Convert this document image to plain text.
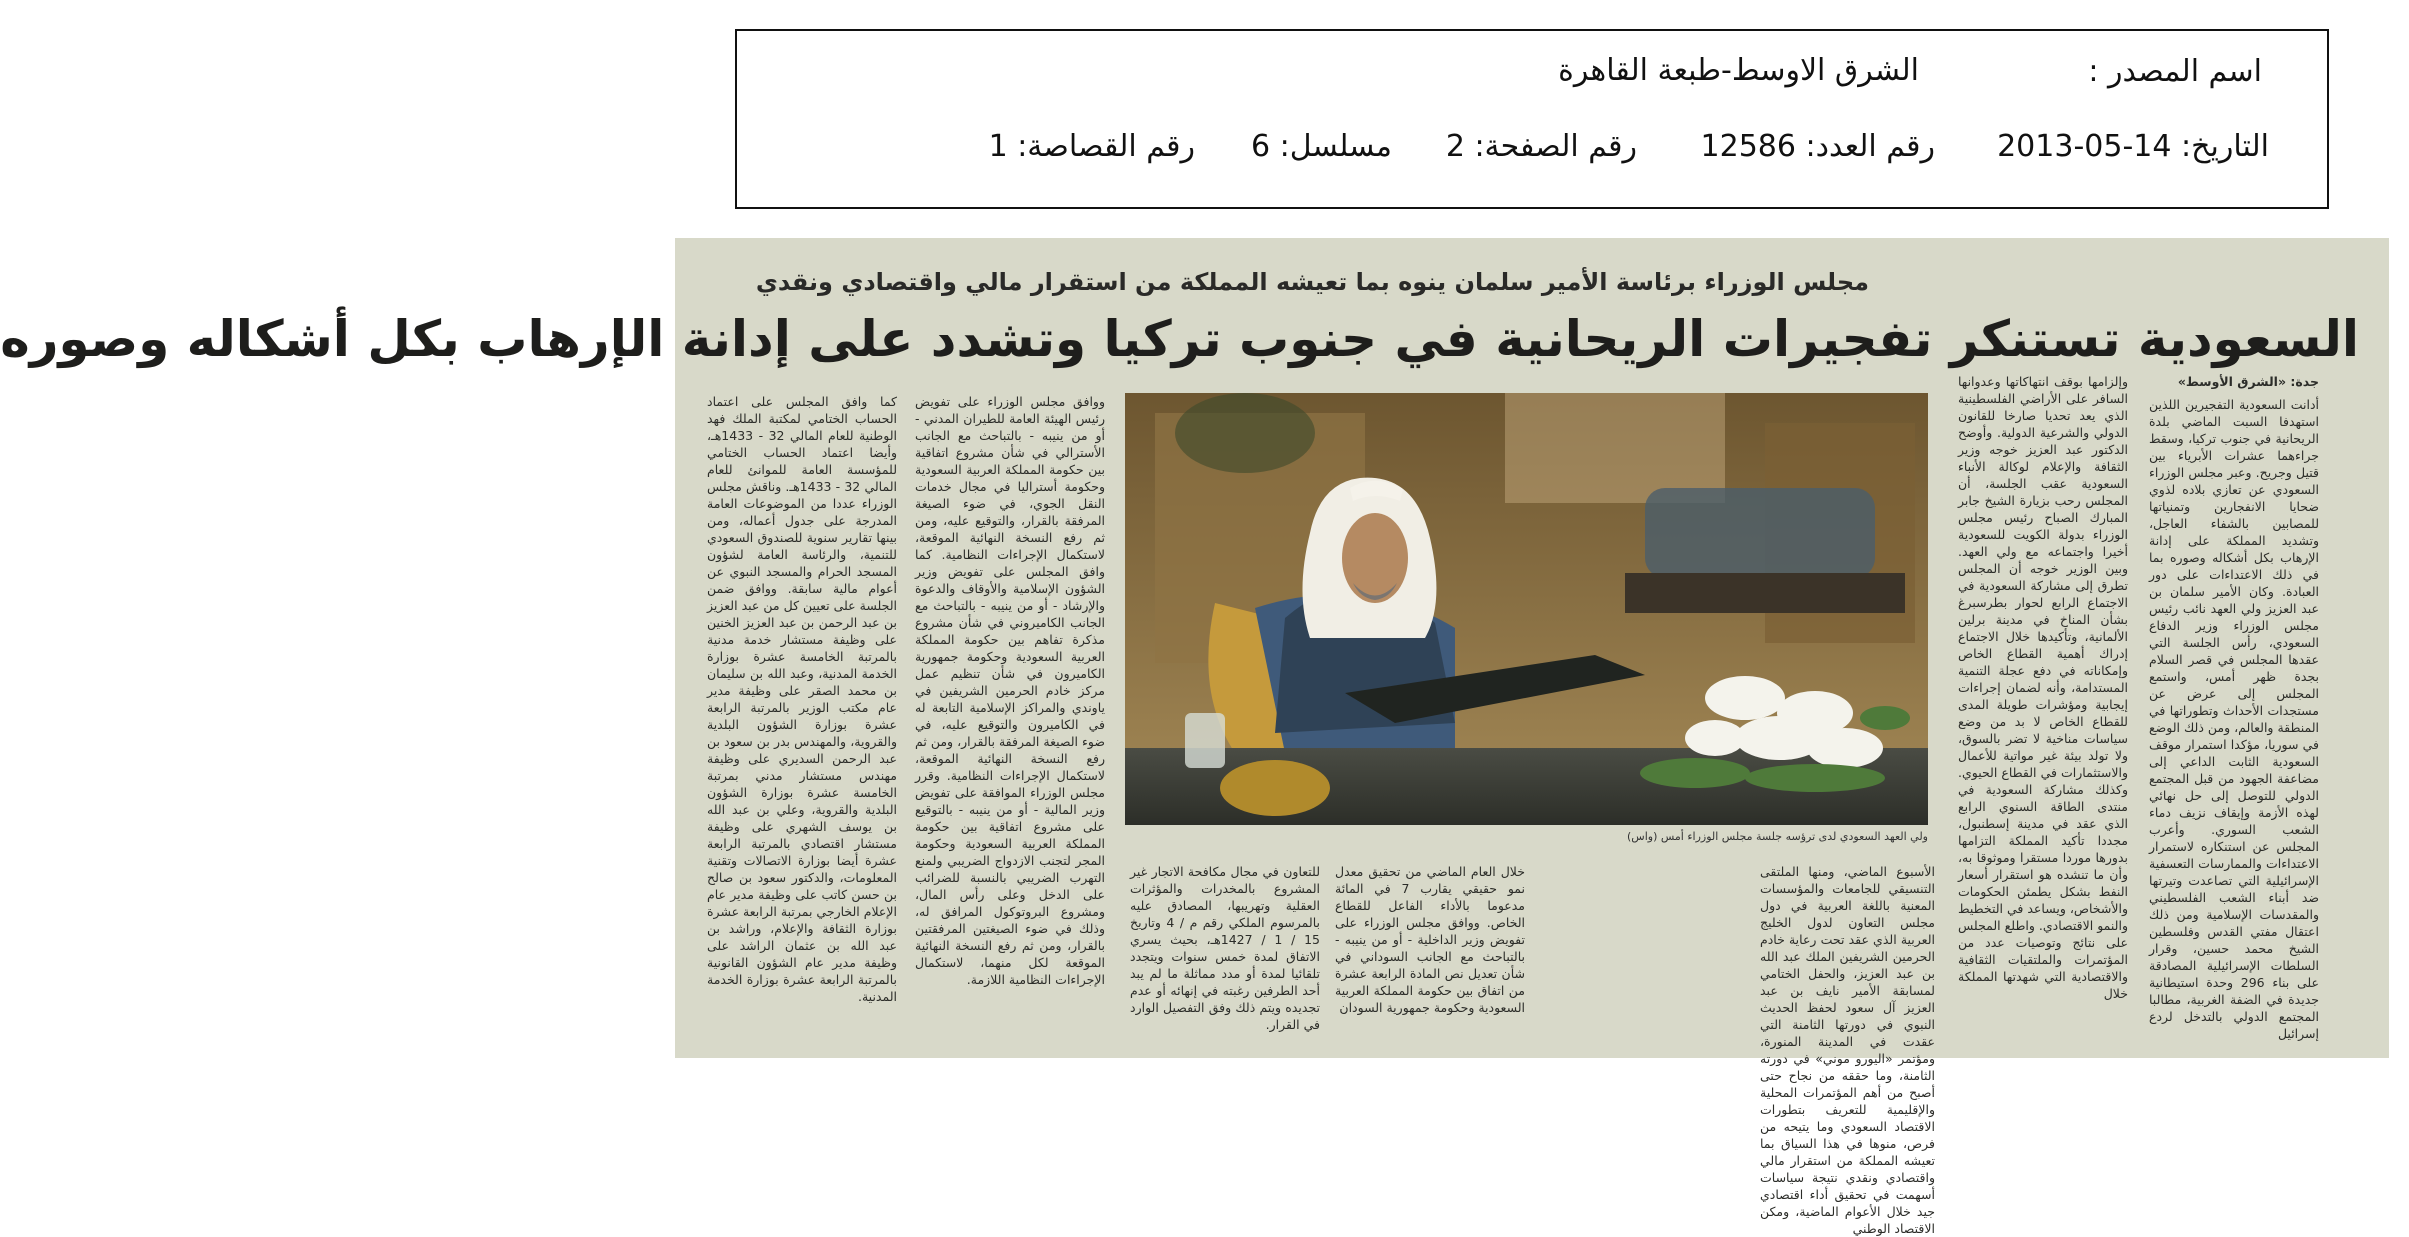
اسم المصدر :
الشرق الاوسط-طبعة القاهرة
التاريخ: 14-05-2013
رقم العدد: 12586
رقم الصفحة: 2
مسلسل: 6
رقم القصاصة: 1
مجلس الوزراء برئاسة الأمير سلمان ينوه بما تعيشه المملكة من استقرار مالي واقتصادي ونقدي
السعودية تستنكر تفجيرات الريحانية في جنوب تركيا وتشدد على إدانة الإرهاب بكل أشكاله وصوره
ولي العهد السعودي لدى ترؤسه جلسة مجلس الوزراء أمس (واس)
جدة: «الشرق الأوسط»

أدانت السعودية التفجيرين اللذين استهدفا السبت الماضي بلدة الريحانية في جنوب تركيا، وسقط جراءهما عشرات الأبرياء بين قتيل وجريح. وعبر مجلس الوزراء السعودي عن تعازي بلاده لذوي ضحايا الانفجارين وتمنياتها للمصابين بالشفاء العاجل، وتشديد المملكة على إدانة الإرهاب بكل أشكاله وصوره بما في ذلك الاعتداءات على دور العبادة. وكان الأمير سلمان بن عبد العزيز ولي العهد نائب رئيس مجلس الوزراء وزير الدفاع السعودي، رأس الجلسة التي عقدها المجلس في قصر السلام بجدة ظهر أمس، واستمع المجلس إلى عرض عن مستجدات الأحداث وتطوراتها في المنطقة والعالم، ومن ذلك الوضع في سوريا، مؤكدا استمرار موقف السعودية الثابت الداعي إلى مضاعفة الجهود من قبل المجتمع الدولي للتوصل إلى حل نهائي لهذه الأزمة وإيقاف نزيف دماء الشعب السوري. وأعرب المجلس عن استنكاره لاستمرار الاعتداءات والممارسات التعسفية الإسرائيلية التي تصاعدت وتيرتها ضد أبناء الشعب الفلسطيني والمقدسات الإسلامية ومن ذلك اعتقال مفتي القدس وفلسطين الشيخ محمد حسين، وقرار السلطات الإسرائيلية المصادقة على بناء 296 وحدة استيطانية جديدة في الضفة الغربية، مطالبا المجتمع الدولي بالتدخل لردع إسرائيل

وإلزامها بوقف انتهاكاتها وعدوانها السافر على الأراضي الفلسطينية الذي يعد تحديا صارخا للقانون الدولي والشرعية الدولية. وأوضح الدكتور عبد العزيز خوجه وزير الثقافة والإعلام لوكالة الأنباء السعودية عقب الجلسة، أن المجلس رحب بزيارة الشيخ جابر المبارك الصباح رئيس مجلس الوزراء بدولة الكويت للسعودية أخيرا واجتماعه مع ولي العهد. وبين الوزير خوجه أن المجلس تطرق إلى مشاركة السعودية في الاجتماع الرابع لحوار بطرسبرغ بشأن المناخ في مدينة برلين الألمانية، وتأكيدها خلال الاجتماع إدراك أهمية القطاع الخاص وإمكاناته في دفع عجلة التنمية المستدامة، وأنه لضمان إجراءات إيجابية ومؤشرات طويلة المدى للقطاع الخاص لا بد من وضع سياسات مناخية لا تضر بالسوق، ولا تولد بيئة غير مواتية للأعمال والاستثمارات في القطاع الحيوي. وكذلك مشاركة السعودية في منتدى الطاقة السنوي الرابع الذي عقد في مدينة إسطنبول، مجددا تأكيد المملكة التزامها بدورها موردا مستقرا وموثوقا به، وأن ما تنشده هو استقرار أسعار النفط بشكل يطمئن الحكومات والأشخاص، ويساعد في التخطيط والنمو الاقتصادي. واطلع المجلس على نتائج وتوصيات عدد من المؤتمرات والملتقيات الثقافية والاقتصادية التي شهدتها المملكة خلال

الأسبوع الماضي، ومنها الملتقى التنسيقي للجامعات والمؤسسات المعنية باللغة العربية في دول مجلس التعاون لدول الخليج العربية الذي عقد تحت رعاية خادم الحرمين الشريفين الملك عبد الله بن عبد العزيز، والحفل الختامي لمسابقة الأمير نايف بن عبد العزيز آل سعود لحفظ الحديث النبوي في دورتها الثامنة التي عقدت في المدينة المنورة، ومؤتمر «اليورو موني» في دورته الثامنة، وما حققه من نجاح حتى أصبح من أهم المؤتمرات المحلية والإقليمية للتعريف بتطورات الاقتصاد السعودي وما يتيحه من فرص، منوها في هذا السياق بما تعيشه المملكة من استقرار مالي واقتصادي ونقدي نتيجة سياسات أسهمت في تحقيق أداء اقتصادي جيد خلال الأعوام الماضية، ومكن الاقتصاد الوطني

خلال العام الماضي من تحقيق معدل نمو حقيقي يقارب 7 في المائة مدعوما بالأداء الفاعل للقطاع الخاص. ووافق مجلس الوزراء على تفويض وزير الداخلية - أو من ينيبه - بالتباحث مع الجانب السوداني في شأن تعديل نص المادة الرابعة عشرة من اتفاق بين حكومة المملكة العربية السعودية وحكومة جمهورية السودان

للتعاون في مجال مكافحة الاتجار غير المشروع بالمخدرات والمؤثرات العقلية وتهريبها، المصادق عليه بالمرسوم الملكي رقم م / 4 وتاريخ 15 / 1 / 1427هـ، بحيث يسري الاتفاق لمدة خمس سنوات ويتجدد تلقائيا لمدة أو مدد مماثلة ما لم يبد أحد الطرفين رغبته في إنهائه أو عدم تجديده ويتم ذلك وفق التفصيل الوارد في القرار.

ووافق مجلس الوزراء على تفويض رئيس الهيئة العامة للطيران المدني - أو من ينيبه - بالتباحث مع الجانب الأسترالي في شأن مشروع اتفاقية بين حكومة المملكة العربية السعودية وحكومة أستراليا في مجال خدمات النقل الجوي، في ضوء الصيغة المرفقة بالقرار، والتوقيع عليه، ومن ثم رفع النسخة النهائية الموقعة، لاستكمال الإجراءات النظامية. كما وافق المجلس على تفويض وزير الشؤون الإسلامية والأوقاف والدعوة والإرشاد - أو من ينيبه - بالتباحث مع الجانب الكاميروني في شأن مشروع مذكرة تفاهم بين حكومة المملكة العربية السعودية وحكومة جمهورية الكاميرون في شأن تنظيم عمل مركز خادم الحرمين الشريفين في ياوندي والمراكز الإسلامية التابعة له في الكاميرون والتوقيع عليه، في ضوء الصيغة المرفقة بالقرار، ومن ثم رفع النسخة النهائية الموقعة، لاستكمال الإجراءات النظامية. وقرر مجلس الوزراء الموافقة على تفويض وزير المالية - أو من ينيبه - بالتوقيع على مشروع اتفاقية بين حكومة المملكة العربية السعودية وحكومة المجر لتجنب الازدواج الضريبي ولمنع التهرب الضريبي بالنسبة للضرائب على الدخل وعلى رأس المال، ومشروع البروتوكول المرافق له، وذلك في ضوء الصيغتين المرفقتين بالقرار، ومن ثم رفع النسخة النهائية الموقعة لكل منهما، لاستكمال الإجراءات النظامية اللازمة.

كما وافق المجلس على اعتماد الحساب الختامي لمكتبة الملك فهد الوطنية للعام المالي 32 - 1433هـ، وأيضا اعتماد الحساب الختامي للمؤسسة العامة للموانئ للعام المالي 32 - 1433هـ. وناقش مجلس الوزراء عددا من الموضوعات العامة المدرجة على جدول أعماله، ومن بينها تقارير سنوية للصندوق السعودي للتنمية، والرئاسة العامة لشؤون المسجد الحرام والمسجد النبوي عن أعوام مالية سابقة. ووافق ضمن الجلسة على تعيين كل من عبد العزيز بن عبد الرحمن بن عبد العزيز الخنين على وظيفة مستشار خدمة مدنية بالمرتبة الخامسة عشرة بوزارة الخدمة المدنية، وعبد الله بن سليمان بن محمد الصقر على وظيفة مدير عام مكتب الوزير بالمرتبة الرابعة عشرة بوزارة الشؤون البلدية والقروية، والمهندس بدر بن سعود بن عبد الرحمن السديري على وظيفة مهندس مستشار مدني بمرتبة الخامسة عشرة بوزارة الشؤون البلدية والقروية، وعلي بن عبد الله بن يوسف الشهري على وظيفة مستشار اقتصادي بالمرتبة الرابعة عشرة أيضا بوزارة الاتصالات وتقنية المعلومات، والدكتور سعود بن صالح بن حسن كاتب على وظيفة مدير عام الإعلام الخارجي بمرتبة الرابعة عشرة بوزارة الثقافة والإعلام، وراشد بن عبد الله بن عثمان الراشد على وظيفة مدير عام الشؤون القانونية بالمرتبة الرابعة عشرة بوزارة الخدمة المدنية.
